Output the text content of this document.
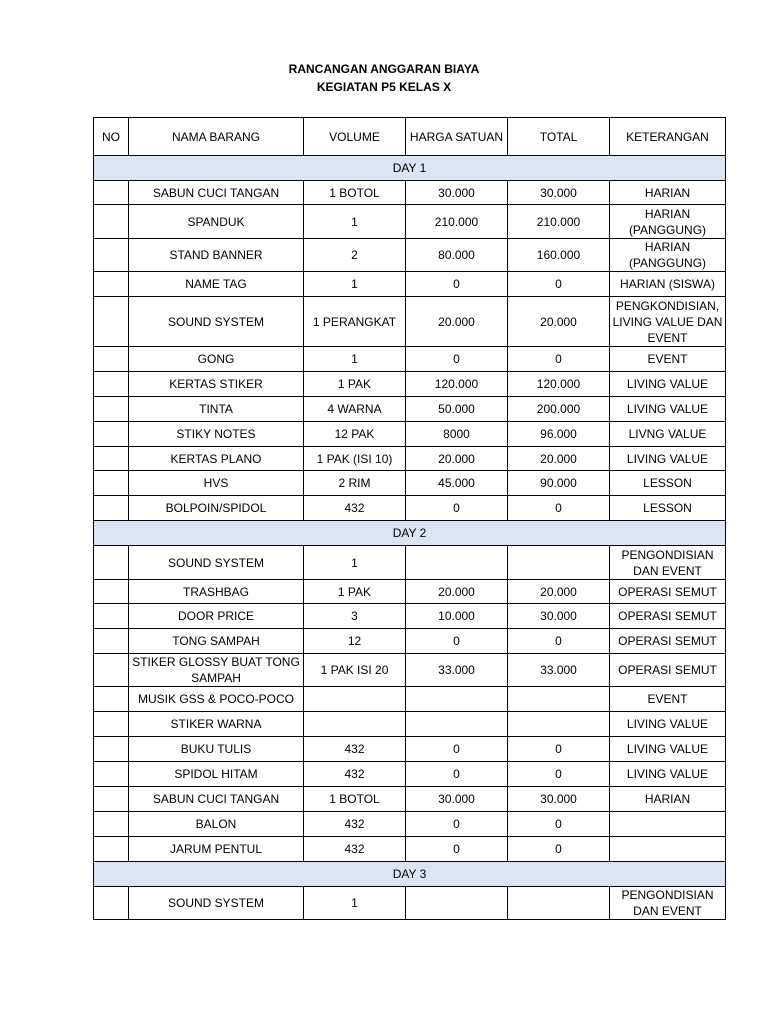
RANCANGAN ANGGARAN BIAYA
KEGIATAN P5 KELAS X
NO	NAMA BARANG	VOLUME	HARGA SATUAN	TOTAL	KETERANGAN
DAY 1					
	SABUN CUCI TANGAN	1 BOTOL	30.000	30.000	HARIAN
	SPANDUK	1	210.000	210.000	HARIAN (PANGGUNG)
	STAND BANNER	2	80.000	160.000	HARIAN (PANGGUNG)
	NAME TAG	1	0	0	HARIAN (SISWA)
	SOUND SYSTEM	1 PERANGKAT	20.000	20.000	PENGKONDISIAN, LIVING VALUE DAN EVENT
	GONG	1	0	0	EVENT
	KERTAS STIKER	1 PAK	120.000	120.000	LIVING VALUE
	TINTA	4 WARNA	50.000	200.000	LIVING VALUE
	STIKY NOTES	12 PAK	8000	96.000	LIVNG VALUE
	KERTAS PLANO	1 PAK (ISI 10)	20.000	20.000	LIVING VALUE
	HVS	2 RIM	45.000	90.000	LESSON
	BOLPOIN/SPIDOL	432	0	0	LESSON
DAY 2					
	SOUND SYSTEM	1			PENGONDISIAN DAN EVENT
	TRASHBAG	1 PAK	20.000	20.000	OPERASI SEMUT
	DOOR PRICE	3	10.000	30.000	OPERASI SEMUT
	TONG SAMPAH	12	0	0	OPERASI SEMUT
	STIKER GLOSSY BUAT TONG SAMPAH	1 PAK ISI 20	33.000	33.000	OPERASI SEMUT
	MUSIK GSS & POCO-POCO				EVENT
	STIKER WARNA				LIVING VALUE
	BUKU TULIS	432	0	0	LIVING VALUE
	SPIDOL HITAM	432	0	0	LIVING VALUE
	SABUN CUCI TANGAN	1 BOTOL	30.000	30.000	HARIAN
	BALON	432	0	0	
	JARUM PENTUL	432	0	0	
DAY 3					
	SOUND SYSTEM	1			PENGONDISIAN DAN EVENT
